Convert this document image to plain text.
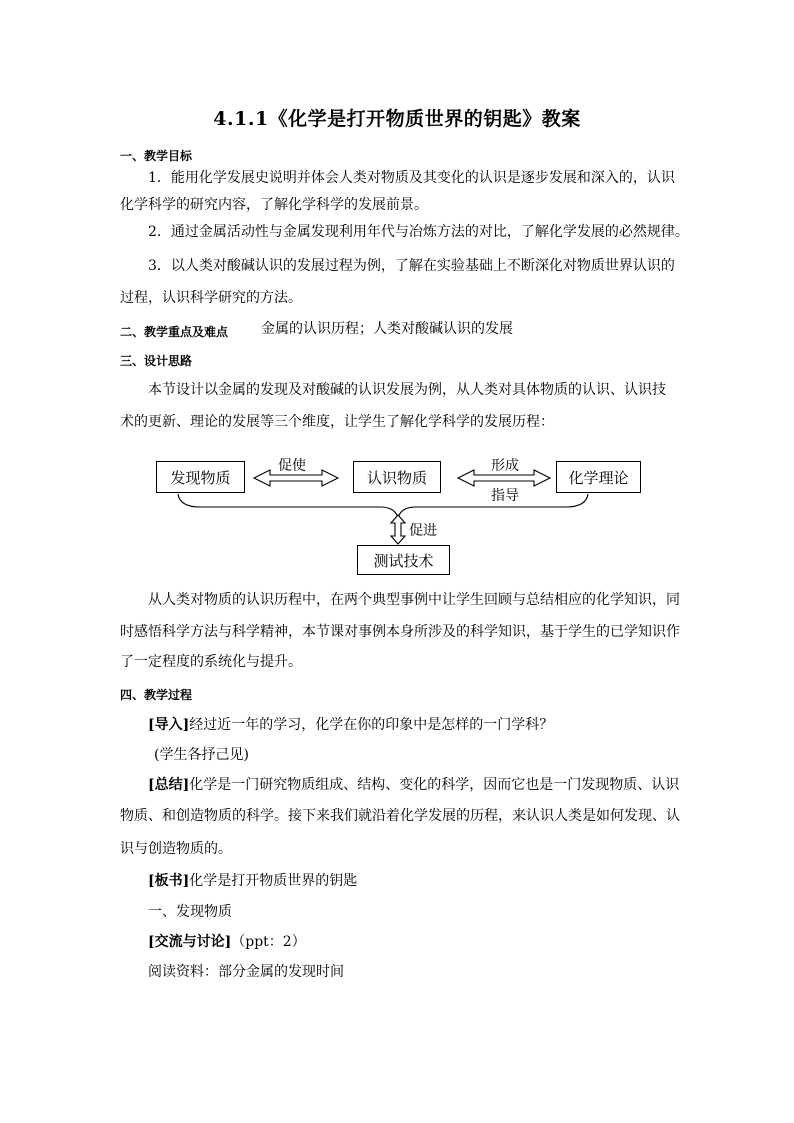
4.1.1《化学是打开物质世界的钥匙》教案
一、教学目标
1．能用化学发展史说明并体会人类对物质及其变化的认识是逐步发展和深入的，认识
化学科学的研究内容，了解化学科学的发展前景。
2．通过金属活动性与金属发现利用年代与冶炼方法的对比，了解化学发展的必然规律。
3．以人类对酸碱认识的发展过程为例，了解在实验基础上不断深化对物质世界认识的
过程，认识科学研究的方法。
二、教学重点及难点 金属的认识历程；人类对酸碱认识的发展
三、设计思路
本节设计以金属的发现及对酸碱的认识发展为例，从人类对具体物质的认识、认识技
术的更新、理论的发展等三个维度，让学生了解化学科学的发展历程：
发现物质	认识物质	化学理论
测试技术
促使	形成
指导
促进
从人类对物质的认识历程中，在两个典型事例中让学生回顾与总结相应的化学知识，同
时感悟科学方法与科学精神，本节课对事例本身所涉及的科学知识，基于学生的已学知识作
了一定程度的系统化与提升。
四、教学过程
[导入]经过近一年的学习，化学在你的印象中是怎样的一门学科？
(学生各抒己见)
[总结]化学是一门研究物质组成、结构、变化的科学，因而它也是一门发现物质、认识
物质、和创造物质的科学。接下来我们就沿着化学发展的历程，来认识人类是如何发现、认
识与创造物质的。
[板书]化学是打开物质世界的钥匙
一、发现物质
[交流与讨论]（ppt：2）
阅读资料：部分金属的发现时间
